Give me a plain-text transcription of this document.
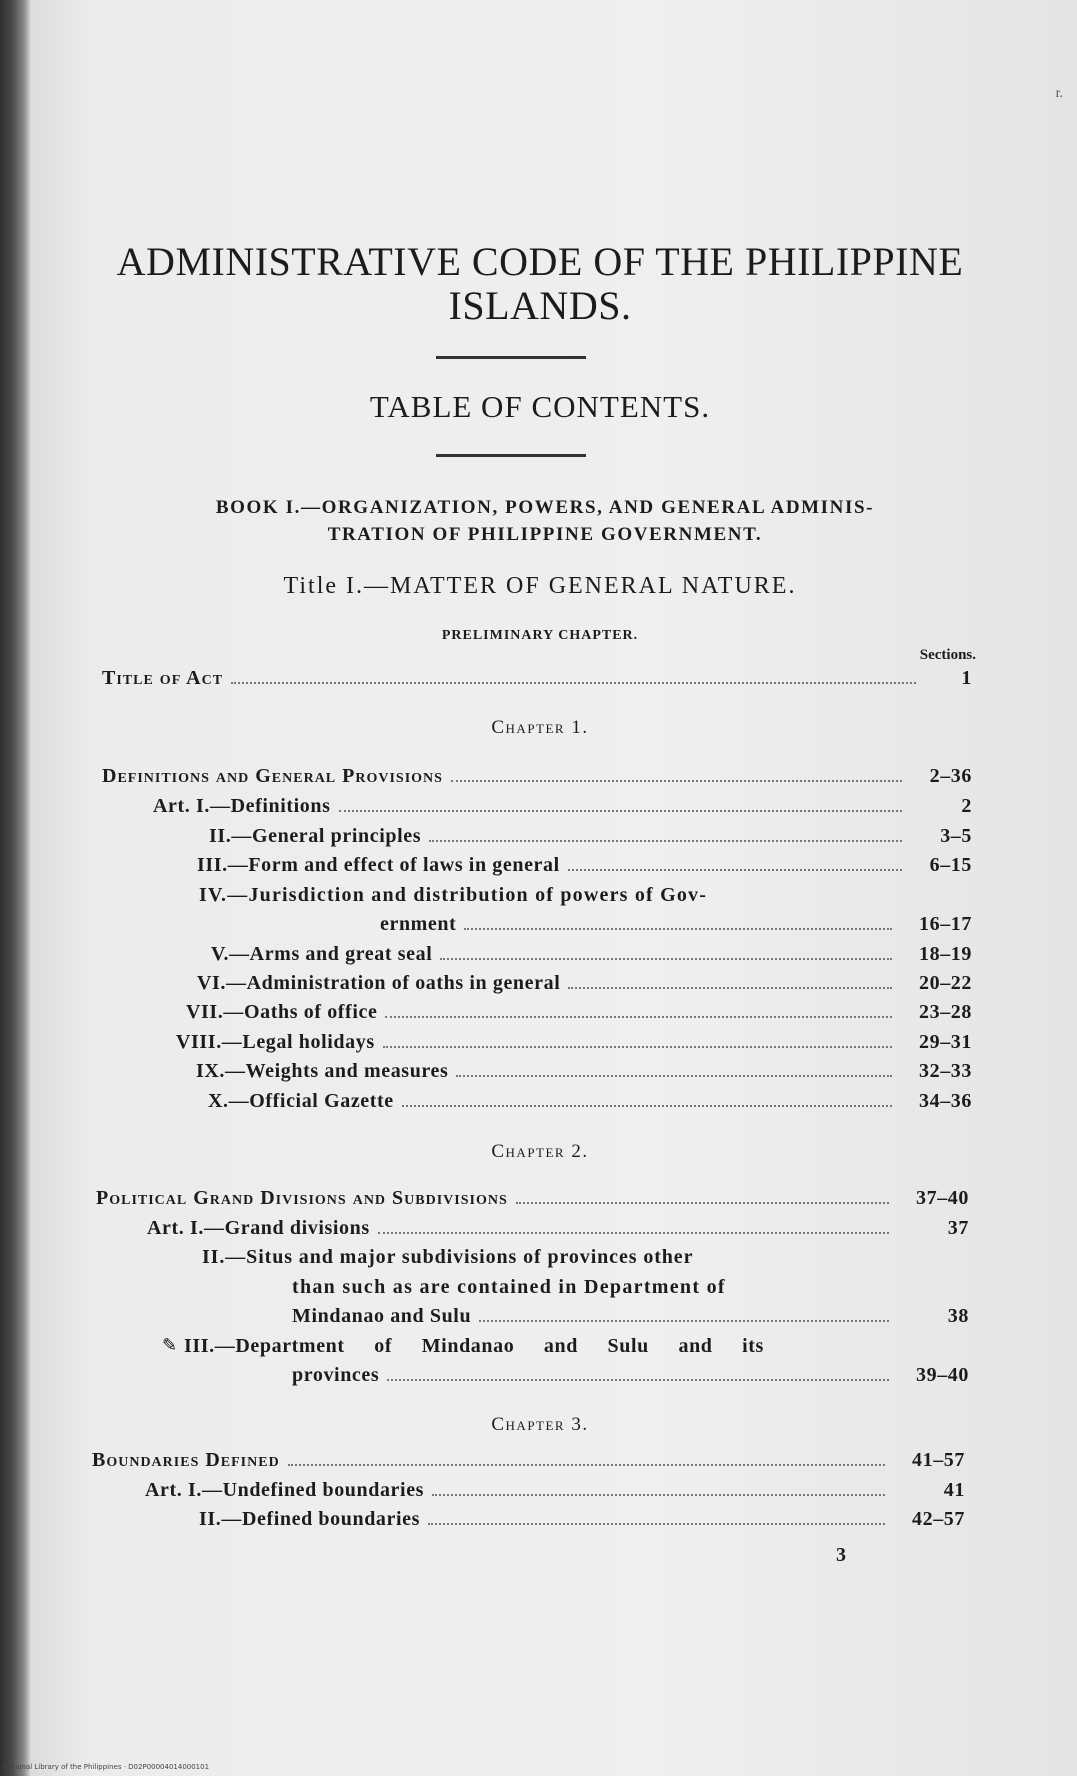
r.
ADMINISTRATIVE CODE OF THE PHILIPPINE
ISLANDS.
TABLE OF CONTENTS.
BOOK I.—ORGANIZATION, POWERS, AND GENERAL ADMINIS-
TRATION OF PHILIPPINE GOVERNMENT.
Title I.—MATTER OF GENERAL NATURE.
PRELIMINARY CHAPTER.
Sections.
Title of Act	1
Chapter 1.
Definitions and General Provisions	2–36
Art. I.—Definitions	2
II.—General principles	3–5
III.—Form and effect of laws in general	6–15
IV.—Jurisdiction and distribution of powers of Gov-
ernment	16–17
V.—Arms and great seal	18–19
VI.—Administration of oaths in general	20–22
VII.—Oaths of office	23–28
VIII.—Legal holidays	29–31
IX.—Weights and measures	32–33
X.—Official Gazette	34–36
Chapter 2.
Political Grand Divisions and Subdivisions	37–40
Art. I.—Grand divisions	37
II.—Situs and major subdivisions of provinces other
than such as are contained in Department of
Mindanao and Sulu	38
✎ III.—Department of Mindanao and Sulu and its
provinces	39–40
Chapter 3.
Boundaries Defined	41–57
Art. I.—Undefined boundaries	41
II.—Defined boundaries	42–57
3
National Library of the Philippines · D02P00004014000101
